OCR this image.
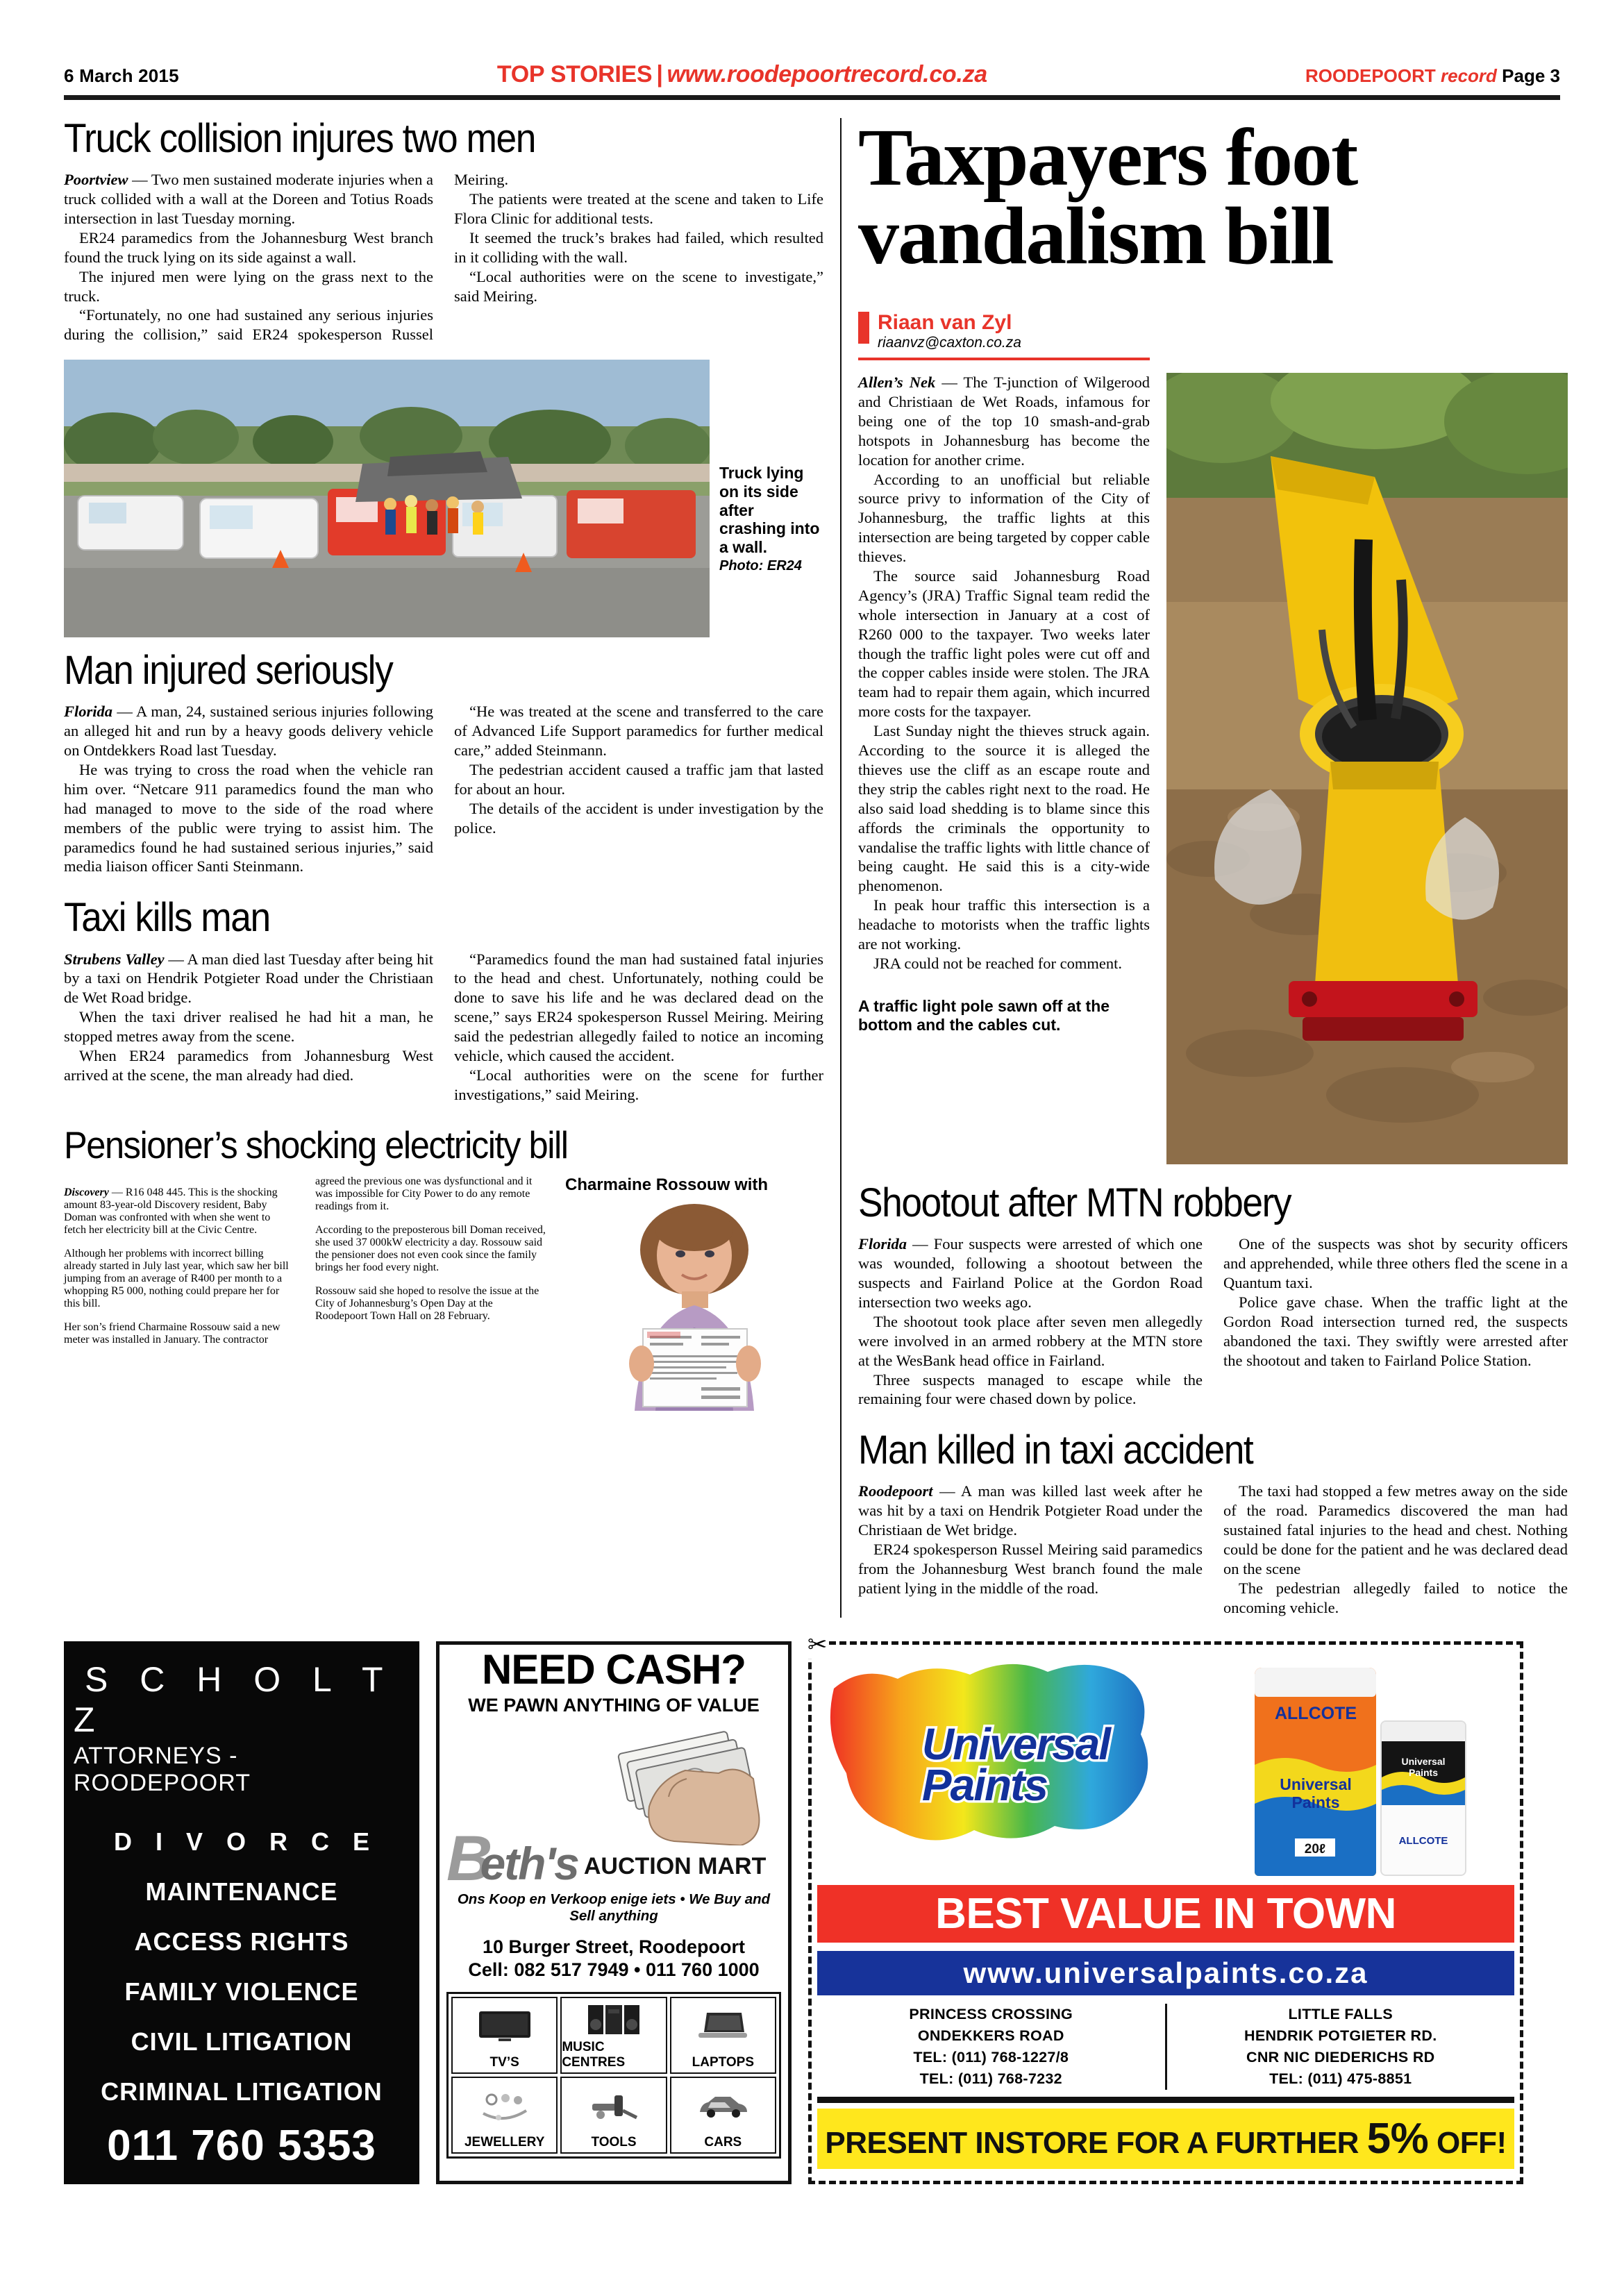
6 March 2015	TOP STORIES | www.roodepoortrecord.co.za	ROODEPOORT record Page 3
Truck collision injures two men

Poortview — Two men sustained moderate injuries when a truck collided with a wall at the Doreen and Totius Roads intersection in last Tuesday morning.

ER24 paramedics from the Johannesburg West branch found the truck lying on its side against a wall.

The injured men were lying on the grass next to the truck.

“Fortunately, no one had sustained any serious injuries during the collision,” said ER24 spokesperson Russel Meiring.

The patients were treated at the scene and taken to Life Flora Clinic for additional tests.

It seemed the truck’s brakes had failed, which resulted in it colliding with the wall.

“Local authorities were on the scene to investigate,” said Meiring.

Truck lying on its side after crashing into a wall.
Photo: ER24
Man injured seriously

Florida — A man, 24, sustained serious injuries following an alleged hit and run by a heavy goods delivery vehicle on Ontdekkers Road last Tuesday.

He was trying to cross the road when the vehicle ran him over. “Netcare 911 paramedics found the man who had managed to move to the side of the road where members of the public were trying to assist him. The paramedics found he had sustained serious injuries,” said media liaison officer Santi Steinmann.

“He was treated at the scene and transferred to the care of Advanced Life Support paramedics for further medical care,” added Steinmann.

The pedestrian accident caused a traffic jam that lasted for about an hour.

The details of the accident is under investigation by the police.

Taxi kills man

Strubens Valley — A man died last Tuesday after being hit by a taxi on Hendrik Potgieter Road under the Christiaan de Wet Road bridge.

When the taxi driver realised he had hit a man, he stopped metres away from the scene.

When ER24 paramedics from Johannesburg West arrived at the scene, the man already had died.

“Paramedics found the man had sustained fatal injuries to the head and chest. Unfortunately, nothing could be done to save his life and he was declared dead on the scene,” says ER24 spokesperson Russel Meiring. Meiring said the pedestrian allegedly failed to notice an incoming vehicle, which caused the accident.

“Local authorities were on the scene for further investigations,” said Meiring.

Pensioner’s shocking electricity bill

Discovery — R16 048 445. This is the shocking amount 83-year-old Discovery resident, Baby Doman was confronted with when she went to fetch her electricity bill at the Civic Centre.

Although her problems with incorrect billing already started in July last year, which saw her bill jumping from an average of R400 per month to a whopping R5 000, nothing could prepare her for this bill.

Her son’s friend Charmaine Rossouw said a new meter was installed in January. The contractor agreed the previous one was dysfunctional and it was impossible for City Power to do any remote readings from it.

According to the preposterous bill Doman received, she used 37 000kW electricity a day. Rossouw said the pensioner does not even cook since the family brings her food every night.

Rossouw said she hoped to resolve the issue at the City of Johannesburg’s Open Day at the Roodepoort Town Hall on 28 February.

Charmaine Rossouw with
Taxpayers foot
vandalism bill
Riaan van Zyl
riaanvz@caxton.co.za

Allen’s Nek — The T-junction of Wilgerood and Christiaan de Wet Roads, infamous for being one of the top 10 smash-and-grab hotspots in Johannesburg has become the location for another crime.

According to an unofficial but reliable source privy to information of the City of Johannesburg, the traffic lights at this intersection are being targeted by copper cable thieves.

The source said Johannesburg Road Agency’s (JRA) Traffic Signal team redid the whole intersection in January at a cost of R260 000 to the taxpayer. Two weeks later though the traffic light poles were cut off and the copper cables inside were stolen. The JRA team had to repair them again, which incurred more costs for the taxpayer.

Last Sunday night the thieves struck again. According to the source it is alleged the thieves use the cliff as an escape route and they strip the cables right next to the road. He also said load shedding is to blame since this affords the criminals the opportunity to vandalise the traffic lights with little chance of being caught. He said this is a city-wide phenomenon.

In peak hour traffic this intersection is a headache to motorists when the traffic lights are not working.

JRA could not be reached for comment.

A traffic light pole sawn off at the bottom and the cables cut.
Shootout after MTN robbery

Florida — Four suspects were arrested of which one was wounded, following a shootout between the suspects and Fairland Police at the Gordon Road intersection two weeks ago.

The shootout took place after seven men allegedly were involved in an armed robbery at the MTN store at the WesBank head office in Fairland.

Three suspects managed to escape while the remaining four were chased down by police.

One of the suspects was shot by security officers and apprehended, while three others fled the scene in a Quantum taxi.

Police gave chase. When the traffic light at the Gordon Road intersection turned red, the suspects abandoned the taxi. They swiftly were arrested after the shootout and taken to Fairland Police Station.

Man killed in taxi accident

Roodepoort — A man was killed last week after he was hit by a taxi on Hendrik Potgieter Road under the Christiaan de Wet bridge.

ER24 spokesperson Russel Meiring said paramedics from the Johannesburg West branch found the male patient lying in the middle of the road.

The taxi had stopped a few metres away on the side of the road. Paramedics discovered the man had sustained fatal injuries to the head and chest. Nothing could be done for the patient and he was declared dead on the scene

The pedestrian allegedly failed to notice the oncoming vehicle.

S C H O L T Z
ATTORNEYS - ROODEPOORT
D I V O R C E
MAINTENANCE
ACCESS RIGHTS
FAMILY VIOLENCE
CIVIL LITIGATION
CRIMINAL LITIGATION
011 760 5353
NEED CASH?
WE PAWN ANYTHING OF VALUE
B
eth's AUCTION MART
Ons Koop en Verkoop enige iets • We Buy and Sell anything
10 Burger Street, Roodepoort
Cell: 082 517 7949 • 011 760 1000
TV’S
MUSIC CENTRES	LAPTOPS
JEWELLERY	TOOLS	CARS
✂
Universal
Paints
ALLCOTE
Universal
Paints
20ℓ
Universal
Paints
ALLCOTE
BEST VALUE IN TOWN
www.universalpaints.co.za
PRINCESS CROSSING
ONDEKKERS ROAD
TEL: (011) 768-1227/8
TEL: (011) 768-7232
LITTLE FALLS
HENDRIK POTGIETER RD.
CNR NIC DIEDERICHS RD
TEL: (011) 475-8851
PRESENT INSTORE FOR A FURTHER 5% OFF!
